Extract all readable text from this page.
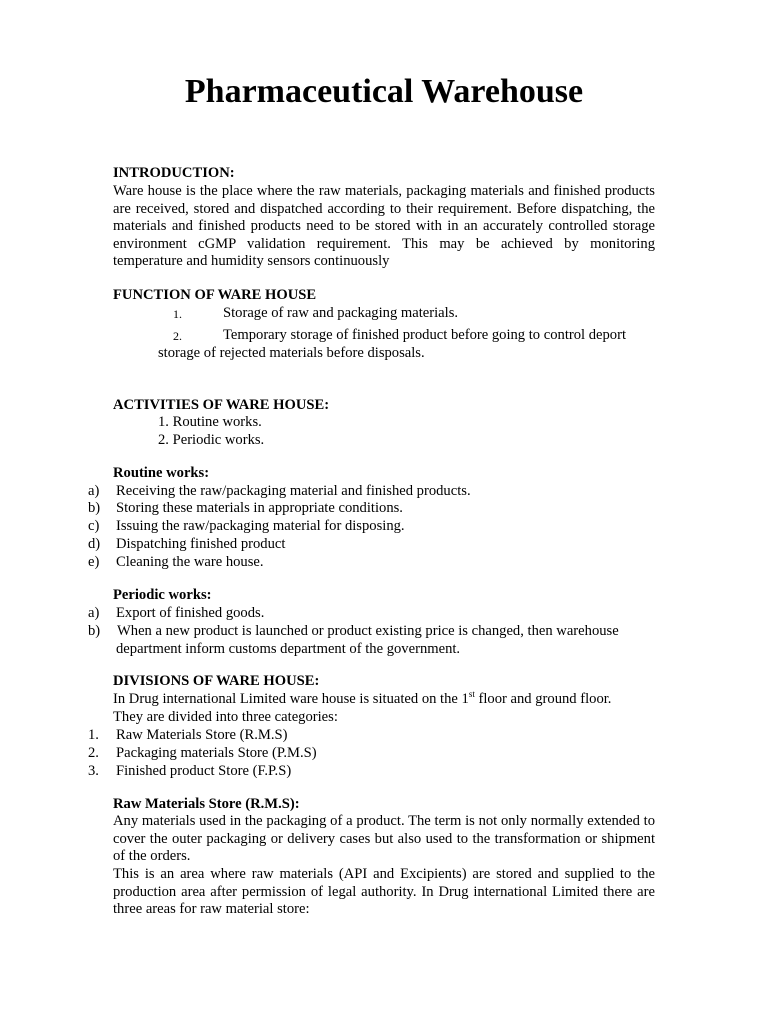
Pharmaceutical Warehouse
INTRODUCTION:
Ware house is the place where the raw materials, packaging materials and finished products are received, stored and dispatched according to their requirement. Before dispatching, the materials and finished products need to be stored with in an accurately controlled storage environment cGMP validation requirement. This may be achieved by monitoring temperature and humidity sensors continuously
FUNCTION OF WARE HOUSE
1.	Storage of raw and packaging materials.
2.	Temporary storage of finished product before going to control deport
storage of rejected materials before disposals.
ACTIVITIES OF WARE HOUSE:
1. Routine works.
2. Periodic works.
Routine works:
a) Receiving the raw/packaging material and finished products.
b) Storing these materials in appropriate conditions.
c) Issuing the raw/packaging material for disposing.
d) Dispatching finished product
e) Cleaning the ware house.
Periodic works:
a) Export of finished goods.
b) When a new product is launched or product existing price is changed, then warehouse
department inform customs department of the government.
DIVISIONS OF WARE HOUSE:
In Drug international Limited ware house is situated on the 1st floor and ground floor.
They are divided into three categories:
1. Raw Materials Store (R.M.S)
2. Packaging materials Store (P.M.S)
3. Finished product Store (F.P.S)
Raw Materials Store (R.M.S):
Any materials used in the packaging of a product. The term is not only normally extended to cover the outer packaging or delivery cases but also used to the transformation or shipment of the orders.
This is an area where raw materials (API and Excipients) are stored and supplied to the production area after permission of legal authority. In Drug international Limited there are three areas for raw material store:
